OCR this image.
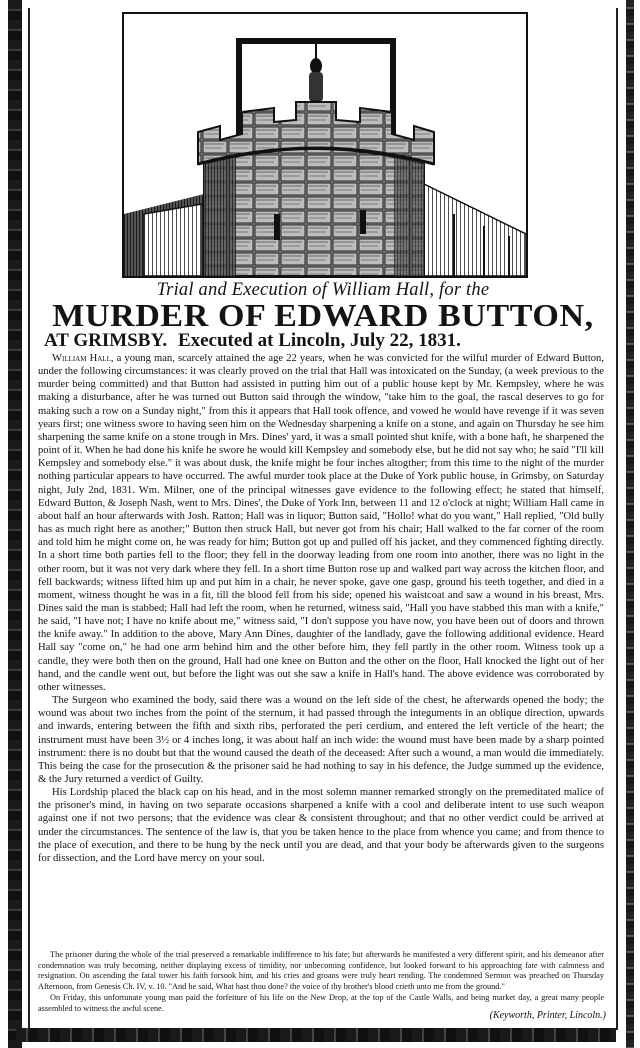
Trial and Execution of William Hall, for the
MURDER OF EDWARD BUTTON,
AT GRIMSBY. Executed at Lincoln, July 22, 1831.

William Hall, a young man, scarcely attained the age 22 years, when he was convicted for the wilful murder of Edward Button, under the following circumstances: it was clearly proved on the trial that Hall was intoxicated on the Sunday, (a week previous to the murder being committed) and that Button had assisted in putting him out of a public house kept by Mr. Kempsley, where he was making a disturbance, after he was turned out Button said through the window, "take him to the goal, the rascal deserves to go for making such a row on a Sunday night," from this it appears that Hall took offence, and vowed he would have revenge if it was seven years first; one witness swore to having seen him on the Wednesday sharpening a knife on a stone, and again on Thursday he see him sharpening the same knife on a stone trough in Mrs. Dines' yard, it was a small pointed shut knife, with a bone haft, he sharpened the point of it. When he had done his knife he swore he would kill Kempsley and somebody else, but he did not say who; he said "I'll kill Kempsley and somebody else." it was about dusk, the knife might be four inches altogther; from this time to the night of the murder nothing particular appears to have occurred. The awful murder took place at the Duke of York public house, in Grimsby, on Saturday night, July 2nd, 1831. Wm. Milner, one of the principal witnesses gave evidence to the following effect; he stated that himself, Edward Button, & Joseph Nash, went to Mrs. Dines', the Duke of York Inn, between 11 and 12 o'clock at night; William Hall came in about half an hour afterwards with Josh. Ratton; Hall was in liquor; Button said, "Hollo! what do you want," Hall replied, "Old bully has as much right here as another;" Button then struck Hall, but never got from his chair; Hall walked to the far corner of the room and told him he might come on, he was ready for him; Button got up and pulled off his jacket, and they commenced fighting directly. In a short time both parties fell to the floor; they fell in the doorway leading from one room into another, there was no light in the other room, but it was not very dark where they fell. In a short time Button rose up and walked part way across the kitchen floor, and fell backwards; witness lifted him up and put him in a chair, he never spoke, gave one gasp, ground his teeth together, and died in a moment, witness thought he was in a fit, till the blood fell from his side; opened his waistcoat and saw a wound in his breast, Mrs. Dines said the man is stabbed; Hall had left the room, when he returned, witness said, "Hall you have stabbed this man with a knife," he said, "I have not; I have no knife about me," witness said, "I don't suppose you have now, you have been out of doors and thrown the knife away." In addition to the above, Mary Ann Dines, daughter of the landlady, gave the following additional evidence. Heard Hall say "come on," he had one arm behind him and the other before him, they fell partly in the other room. Witness took up a candle, they were both then on the ground, Hall had one knee on Button and the other on the floor, Hall knocked the light out of her hand, and the candle went out, but before the light was out she saw a knife in Hall's hand. The above evidence was corroborated by other witnesses.

The Surgeon who examined the body, said there was a wound on the left side of the chest, he afterwards opened the body; the wound was about two inches from the point of the sternum, it had passed through the integuments in an oblique direction, upwards and inwards, entering between the fifth and sixth ribs, perforated the peri cerdium, and entered the left verticle of the heart; the instrument must have been 3½ or 4 inches long, it was about half an inch wide: the wound must have been made by a sharp pointed instrument: there is no doubt but that the wound caused the death of the deceased: After such a wound, a man would die immediately. This being the case for the prosecution & the prisoner said he had nothing to say in his defence, the Judge summed up the evidence, & the Jury returned a verdict of Guilty.

His Lordship placed the black cap on his head, and in the most solemn manner remarked strongly on the premeditated malice of the prisoner's mind, in having on two separate occasions sharpened a knife with a cool and deliberate intent to use such weapon against one if not two persons; that the evidence was clear & consistent throughout; and that no other verdict could be arrived at under the circumstances. The sentence of the law is, that you be taken hence to the place from whence you came; and from thence to the place of execution, and there to be hung by the neck until you are dead, and that your body be afterwards given to the surgeons for dissection, and the Lord have mercy on your soul.

The prisoner during the whole of the trial preserved a remarkable indifference to his fate; but afterwards he manifested a very different spirit, and his demeanor after condemnation was truly becoming, neither displaying excess of timidity, nor unbecoming confidence, but looked forward to his approaching fate with calmness and resignation. On ascending the fatal tower his faith forsook him, and his cries and groans were truly heart rending. The condemned Sermon was preached on Thursday Afternoon, from Genesis Ch. IV, v. 10. "And he said, What hast thou done? the voice of thy brother's blood crieth unto me from the ground."

On Friday, this unfortunate young man paid the forfeiture of his life on the New Drop, at the top of the Castle Walls, and being market day, a great many people assembled to witness the awful scene.

(Keyworth, Printer, Lincoln.)
